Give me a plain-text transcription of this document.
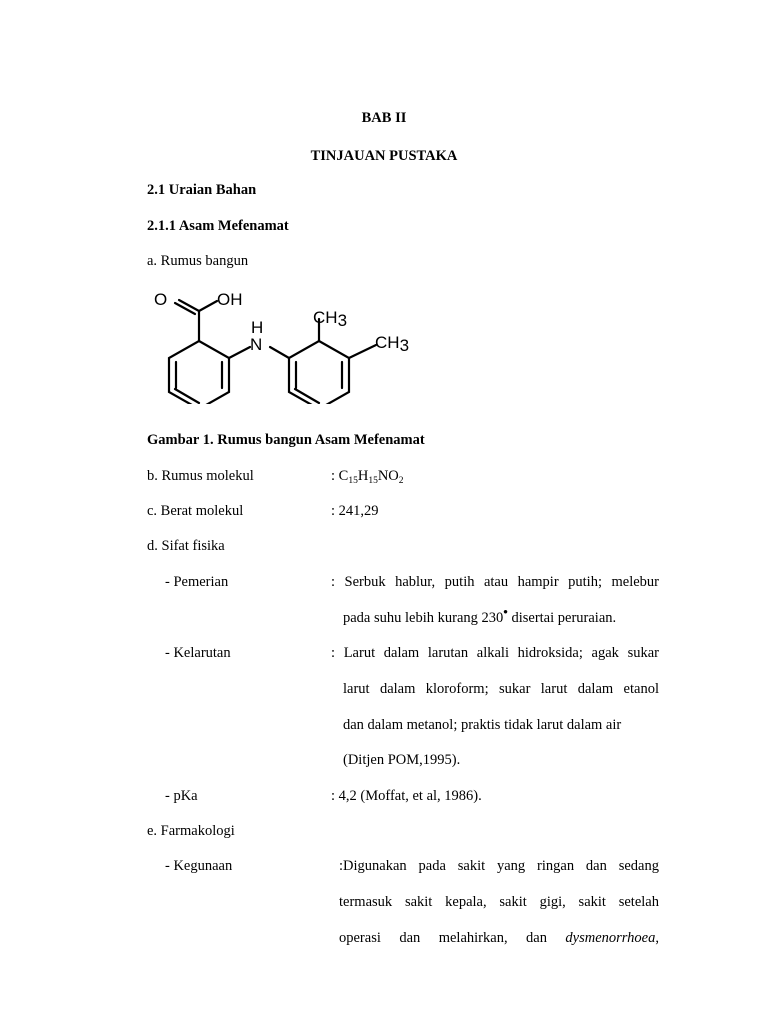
BAB II
TINJAUAN PUSTAKA
2.1 Uraian Bahan
2.1.1 Asam Mefenamat
a. Rumus bangun
O	OH
H
N
CH3
CH3
Gambar 1. Rumus bangun Asam Mefenamat
b. Rumus molekul	: $C_{15}H_{15}NO_2$
c. Berat molekul	: 241,29
d. Sifat fisika
- Pemerian	: Serbuk hablur, putih atau hampir putih; melebur
pada suhu lebih kurang 230• disertai peruraian.
- Kelarutan	: Larut dalam larutan alkali hidroksida; agak sukar
larut dalam kloroform; sukar larut dalam etanol
dan dalam metanol; praktis tidak larut dalam air
(Ditjen POM,1995).
- pKa	: 4,2 (Moffat, et al, 1986).
e. Farmakologi
- Kegunaan	:Digunakan pada sakit yang ringan dan sedang
termasuk sakit kepala, sakit gigi, sakit setelah
operasi dan melahirkan, dan dysmenorrhoea,
